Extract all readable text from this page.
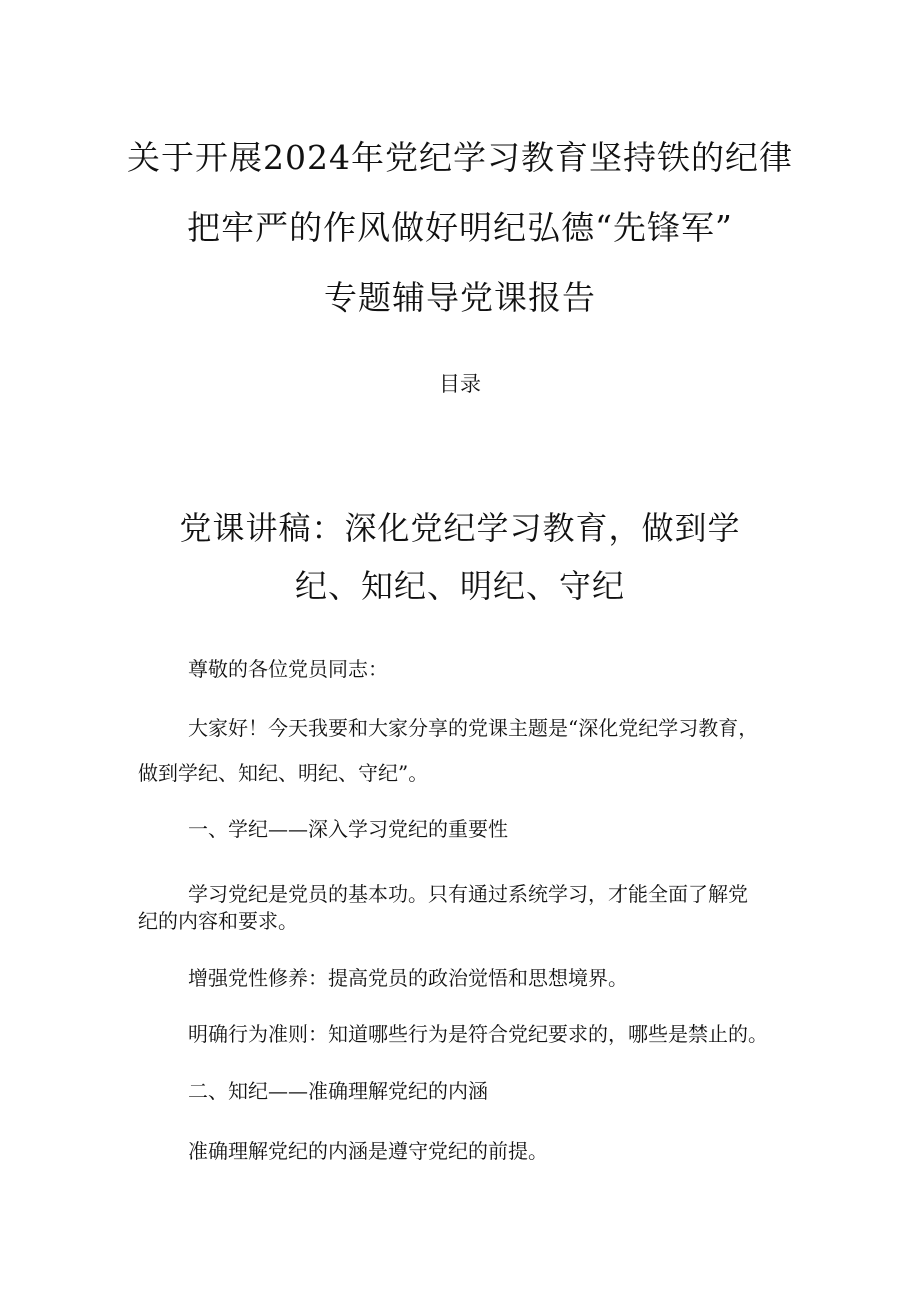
关于开展2024年党纪学习教育坚持铁的纪律
把牢严的作风做好明纪弘德“先锋军”
专题辅导党课报告
目录
党课讲稿：深化党纪学习教育，做到学
纪、知纪、明纪、守纪
尊敬的各位党员同志：
大家好！今天我要和大家分享的党课主题是“深化党纪学习教育，
做到学纪、知纪、明纪、守纪”。
一、学纪——深入学习党纪的重要性
学习党纪是党员的基本功。只有通过系统学习，才能全面了解党
纪的内容和要求。
增强党性修养：提高党员的政治觉悟和思想境界。
明确行为准则：知道哪些行为是符合党纪要求的，哪些是禁止的。
二、知纪——准确理解党纪的内涵
准确理解党纪的内涵是遵守党纪的前提。
